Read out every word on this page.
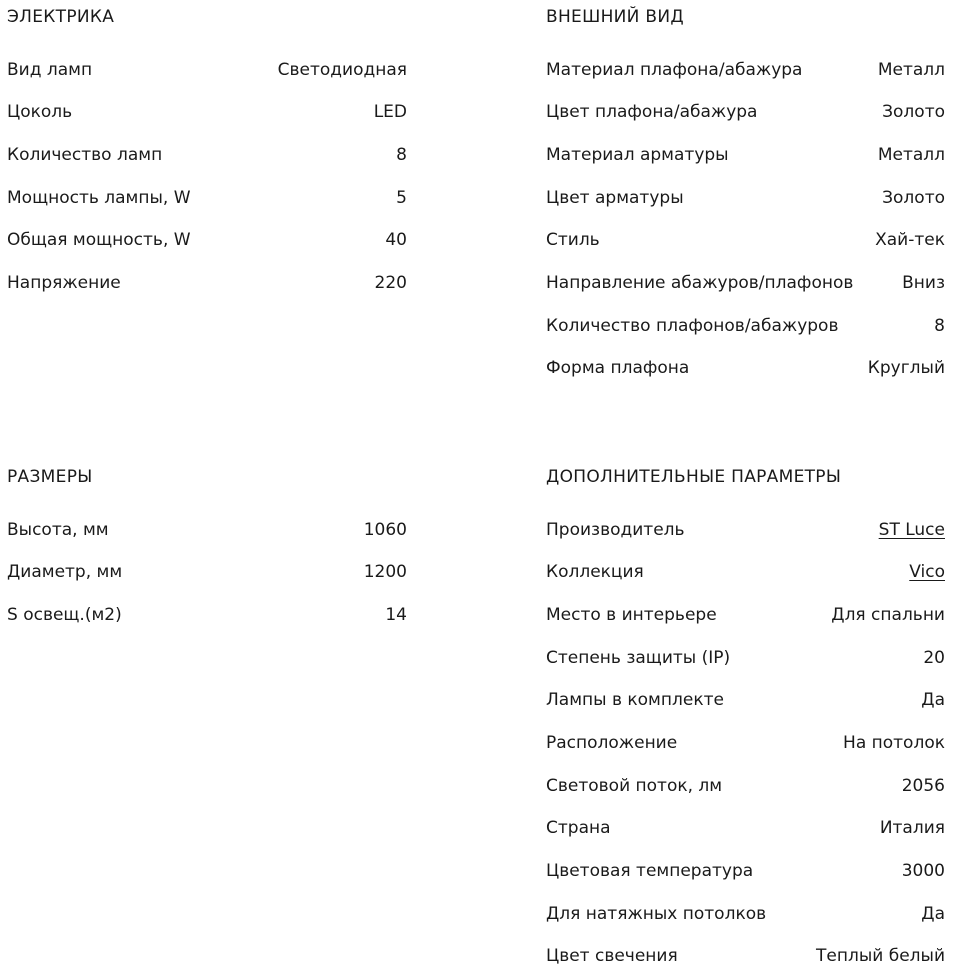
ЭЛЕКТРИКА
Вид ламп	Светодиодная
Цоколь	LED
Количество ламп	8
Мощность лампы, W	5
Общая мощность, W	40
Напряжение	220
ВНЕШНИЙ ВИД
Материал плафона/абажура	Металл
Цвет плафона/абажура	Золото
Материал арматуры	Металл
Цвет арматуры	Золото
Стиль	Хай-тек
Направление абажуров/плафонов	Вниз
Количество плафонов/абажуров	8
Форма плафона	Круглый
РАЗМЕРЫ
Высота, мм	1060
Диаметр, мм	1200
S освещ.(м2)	14
ДОПОЛНИТЕЛЬНЫЕ ПАРАМЕТРЫ
Производитель	ST Luce
Коллекция	Vico
Место в интерьере	Для спальни
Степень защиты (IP)	20
Лампы в комплекте	Да
Расположение	На потолок
Световой поток, лм	2056
Страна	Италия
Цветовая температура	3000
Для натяжных потолков	Да
Цвет свечения	Теплый белый
